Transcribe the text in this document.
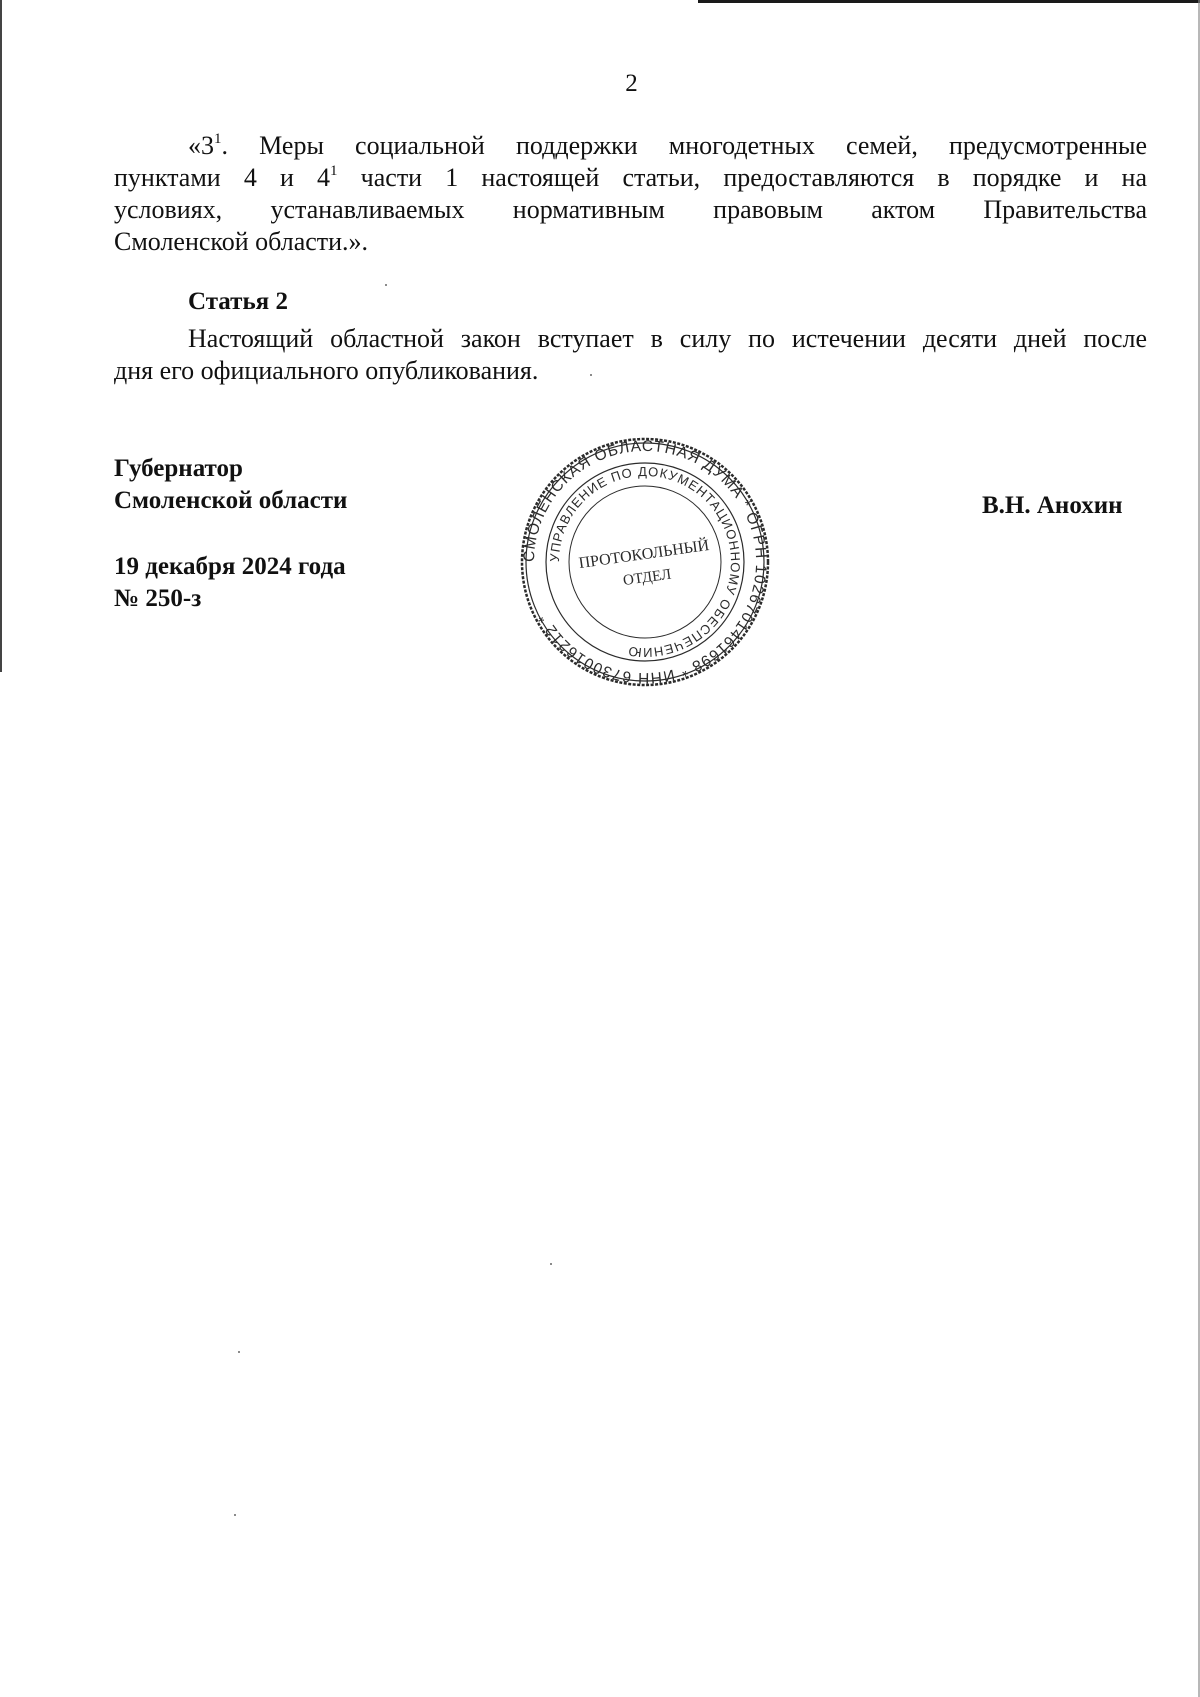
2

«$3^1$. Меры социальной поддержки многодетных семей, предусмотренные
пунктами 4 и $4^1$ части 1 настоящей статьи, предоставляются в порядке и на
условиях, устанавливаемых нормативным правовым актом Правительства
Смоленской области.».

Статья 2

Настоящий областной закон вступает в силу по истечении десяти дней после
дня его официального опубликования.

Губернатор
Смоленской области
19 декабря 2024 года
№ 250-з
В.Н. Анохин
СМОЛЕНСКАЯ ОБЛАСТНАЯ ДУМА * ОГРН 1026701461698 * ИНН 6730016212 *
УПРАВЛЕНИЕ ПО ДОКУМЕНТАЦИОННОМУ ОБЕСПЕЧЕНИЮ
ПРОТОКОЛЬНЫЙ
ОТДЕЛ
